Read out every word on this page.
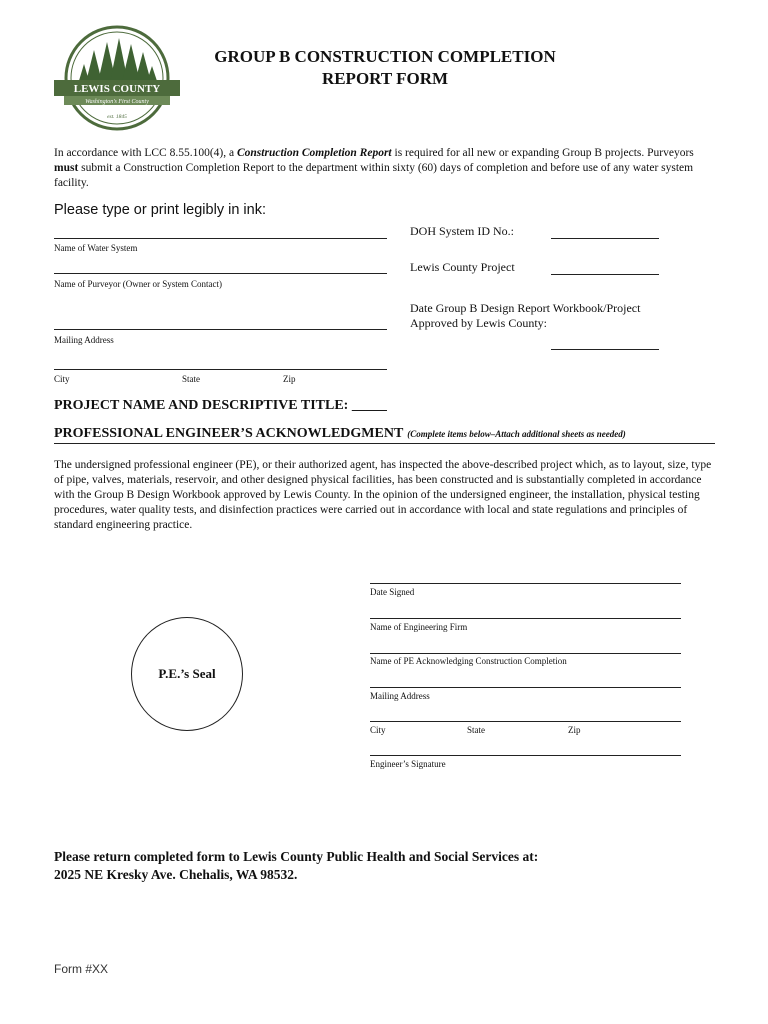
LEWIS COUNTY
Washington's First County
est. 1845
GROUP B CONSTRUCTION COMPLETION
REPORT FORM
In accordance with LCC 8.55.100(4), a Construction Completion Report is required for all new or expanding Group B projects. Purveyors must submit a Construction Completion Report to the department within sixty (60) days of completion and before use of any water system facility.
Please type or print legibly in ink:
Name of Water System
Name of Purveyor (Owner or System Contact)
Mailing Address
City	State	Zip
DOH System ID No.:
Lewis County Project
Date Group B Design Report Workbook/Project
Approved by Lewis County:
PROJECT NAME AND DESCRIPTIVE TITLE: _____
PROFESSIONAL ENGINEER’S ACKNOWLEDGMENT (Complete items below–Attach additional sheets as needed)
The undersigned professional engineer (PE), or their authorized agent, has inspected the above-described project which, as to layout, size, type of pipe, valves, materials, reservoir, and other designed physical facilities, has been constructed and is substantially completed in accordance with the Group B Design Workbook approved by Lewis County. In the opinion of the undersigned engineer, the installation, physical testing procedures, water quality tests, and disinfection practices were carried out in accordance with local and state regulations and principles of standard engineering practice.
P.E.’s Seal
Date Signed
Name of Engineering Firm
Name of PE Acknowledging Construction Completion
Mailing Address
City	State	Zip
Engineer’s Signature
Please return completed form to Lewis County Public Health and Social Services at:
2025 NE Kresky Ave. Chehalis, WA 98532.
Form #XX
